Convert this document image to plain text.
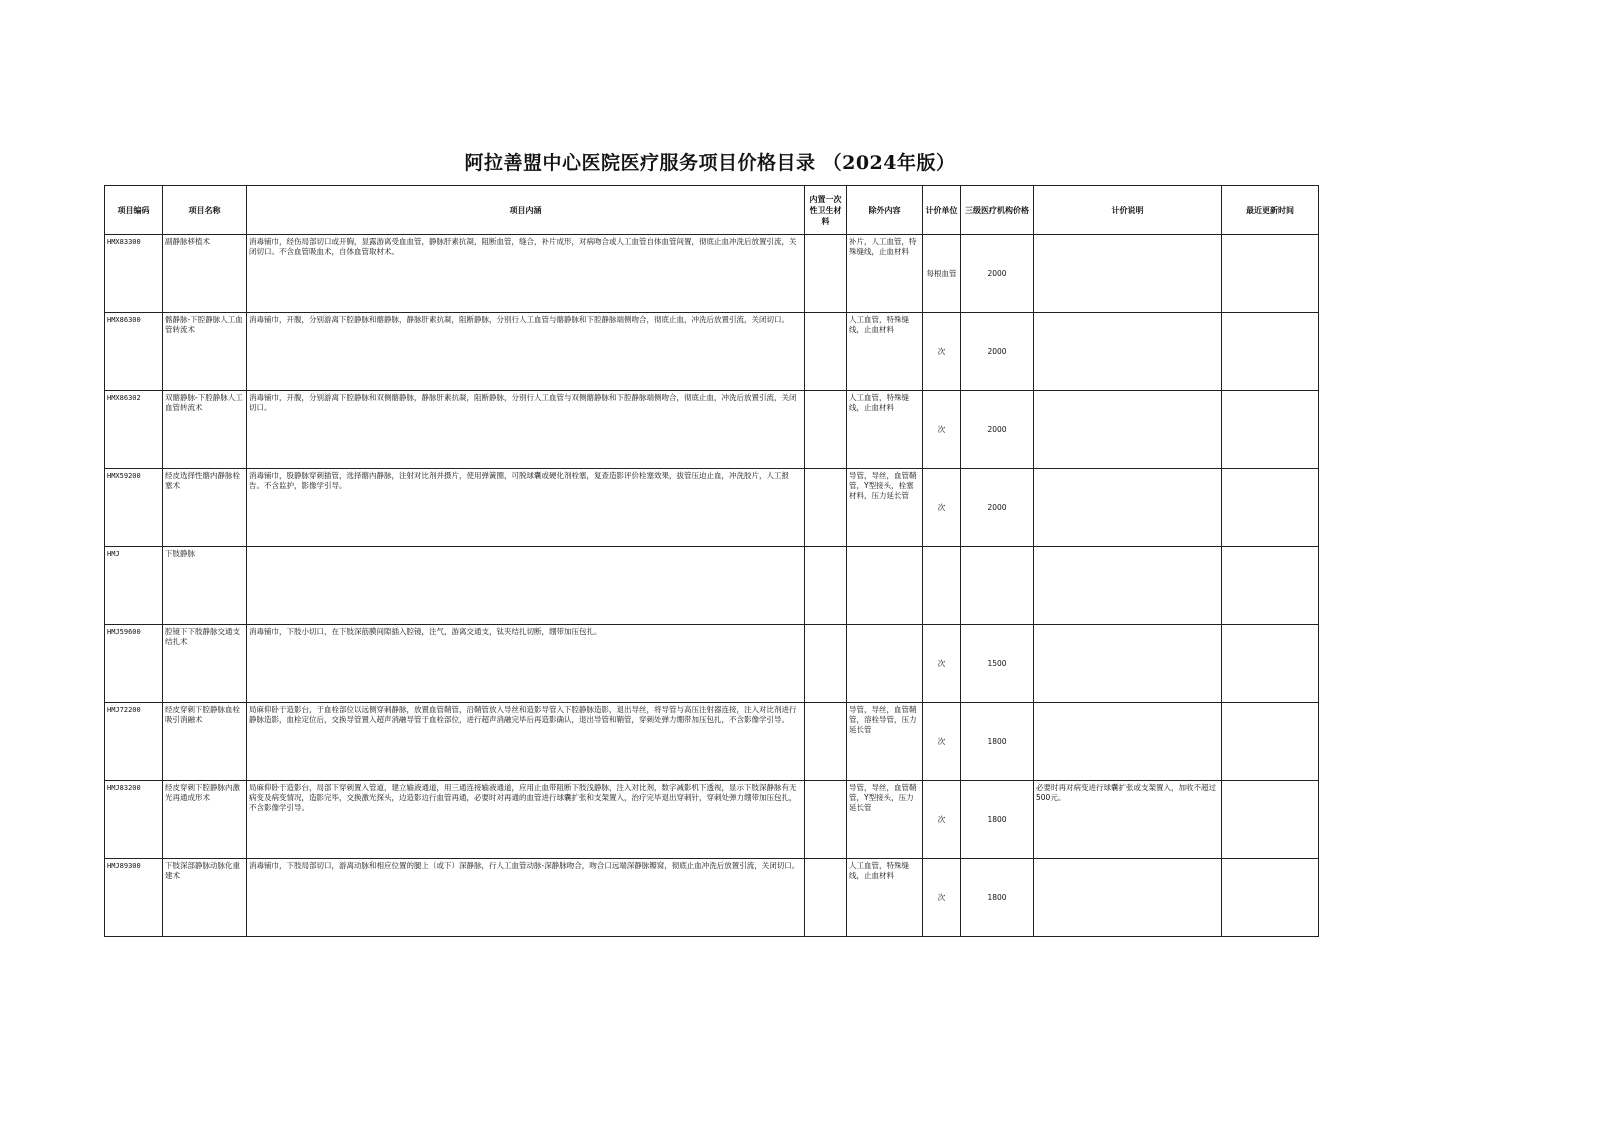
阿拉善盟中心医院医疗服务项目价格目录 （2024年版）
项目编码	项目名称	项目内涵	内置一次性卫生材料	除外内容	计价单位	三级医疗机构价格	计价说明	最近更新时间
HMX83300	副静脉移植术	消毒铺巾，经伤局部切口或开胸，显露游离受血血管，静脉肝素抗凝，阻断血管，缝合，补片成形，对病吻合或人工血管自体血管间置，彻底止血冲洗后放置引流，关闭切口。不含血管吸血术，自体血管取材术。		补片，人工血管，特殊缝线，止血材料	每根血管	2000		
HMX86300	髂静脉-下腔静脉人工血管转流术	消毒铺巾，开腹，分别游离下腔静脉和髂静脉，静脉肝素抗凝，阻断静脉，分别行人工血管与髂静脉和下腔静脉端侧吻合，彻底止血，冲洗后放置引流，关闭切口。		人工血管，特殊缝线，止血材料	次	2000		
HMX86302	双髂静脉-下腔静脉人工血管转流术	消毒铺巾，开腹，分别游离下腔静脉和双侧髂静脉，静脉肝素抗凝，阻断静脉，分别行人工血管与双侧髂静脉和下腔静脉端侧吻合，彻底止血，冲洗后放置引流，关闭切口。		人工血管，特殊缝线，止血材料	次	2000		
HMX59200	经皮选择性髂内静脉栓塞术	消毒铺巾，股静脉穿刺插管，选择髂内静脉，注射对比剂并摄片，使用弹簧圈，可脱球囊或硬化剂栓塞，复查造影评价栓塞效果，拔管压迫止血，冲洗胶片，人工报告。不含监护，影像学引导。		导管，导丝，血管鞘管，Y型接头，栓塞材料，压力延长管	次	2000		
HMJ	下肢静脉							
HMJ59600	腔镜下下肢静脉交通支结扎术	消毒铺巾，下肢小切口，在下肢深筋膜间隙插入腔镜，注气，游离交通支，钛夹结扎切断，绷带加压包扎。			次	1500		
HMJ72200	经皮穿刺下腔静脉血栓吸引消融术	局麻仰卧于造影台，于血栓部位以远侧穿刺静脉，放置血管鞘管，沿鞘管放入导丝和造影导管入下腔静脉造影，退出导丝，将导管与高压注射器连接，注入对比剂进行静脉造影，血栓定位后，交换导管置入超声消融导管于血栓部位，进行超声消融完毕后再造影确认，退出导管和鞘管，穿刺处弹力绷带加压包扎，不含影像学引导。		导管，导丝，血管鞘管，溶栓导管，压力延长管	次	1800		
HMJ83200	经皮穿刺下腔静脉内激光再通成形术	局麻仰卧于造影台，局部下穿刺置入管道，建立输液通道，用三通连接输液通道，应用止血带阻断下肢浅静脉，注入对比剂，数字减影机下透视，显示下肢深静脉有无病变及病变情况，造影完毕，交换激光探头，边造影边行血管再通，必要时对再通的血管进行球囊扩张和支架置入，治疗完毕退出穿刺针，穿刺处弹力绷带加压包扎，不含影像学引导。		导管，导丝，血管鞘管，Y型接头，压力延长管	次	1800	必要时再对病变进行球囊扩张或支架置入，加收不超过500元。	
HMJ89300	下肢深部静脉动脉化重建术	消毒铺巾，下肢局部切口，游离动脉和相应位置的腿上（或下）深静脉，行人工血管动脉-深静脉吻合，吻合口远端深静脉瓣窝，彻底止血冲洗后放置引流，关闭切口。		人工血管，特殊缝线，止血材料	次	1800		
